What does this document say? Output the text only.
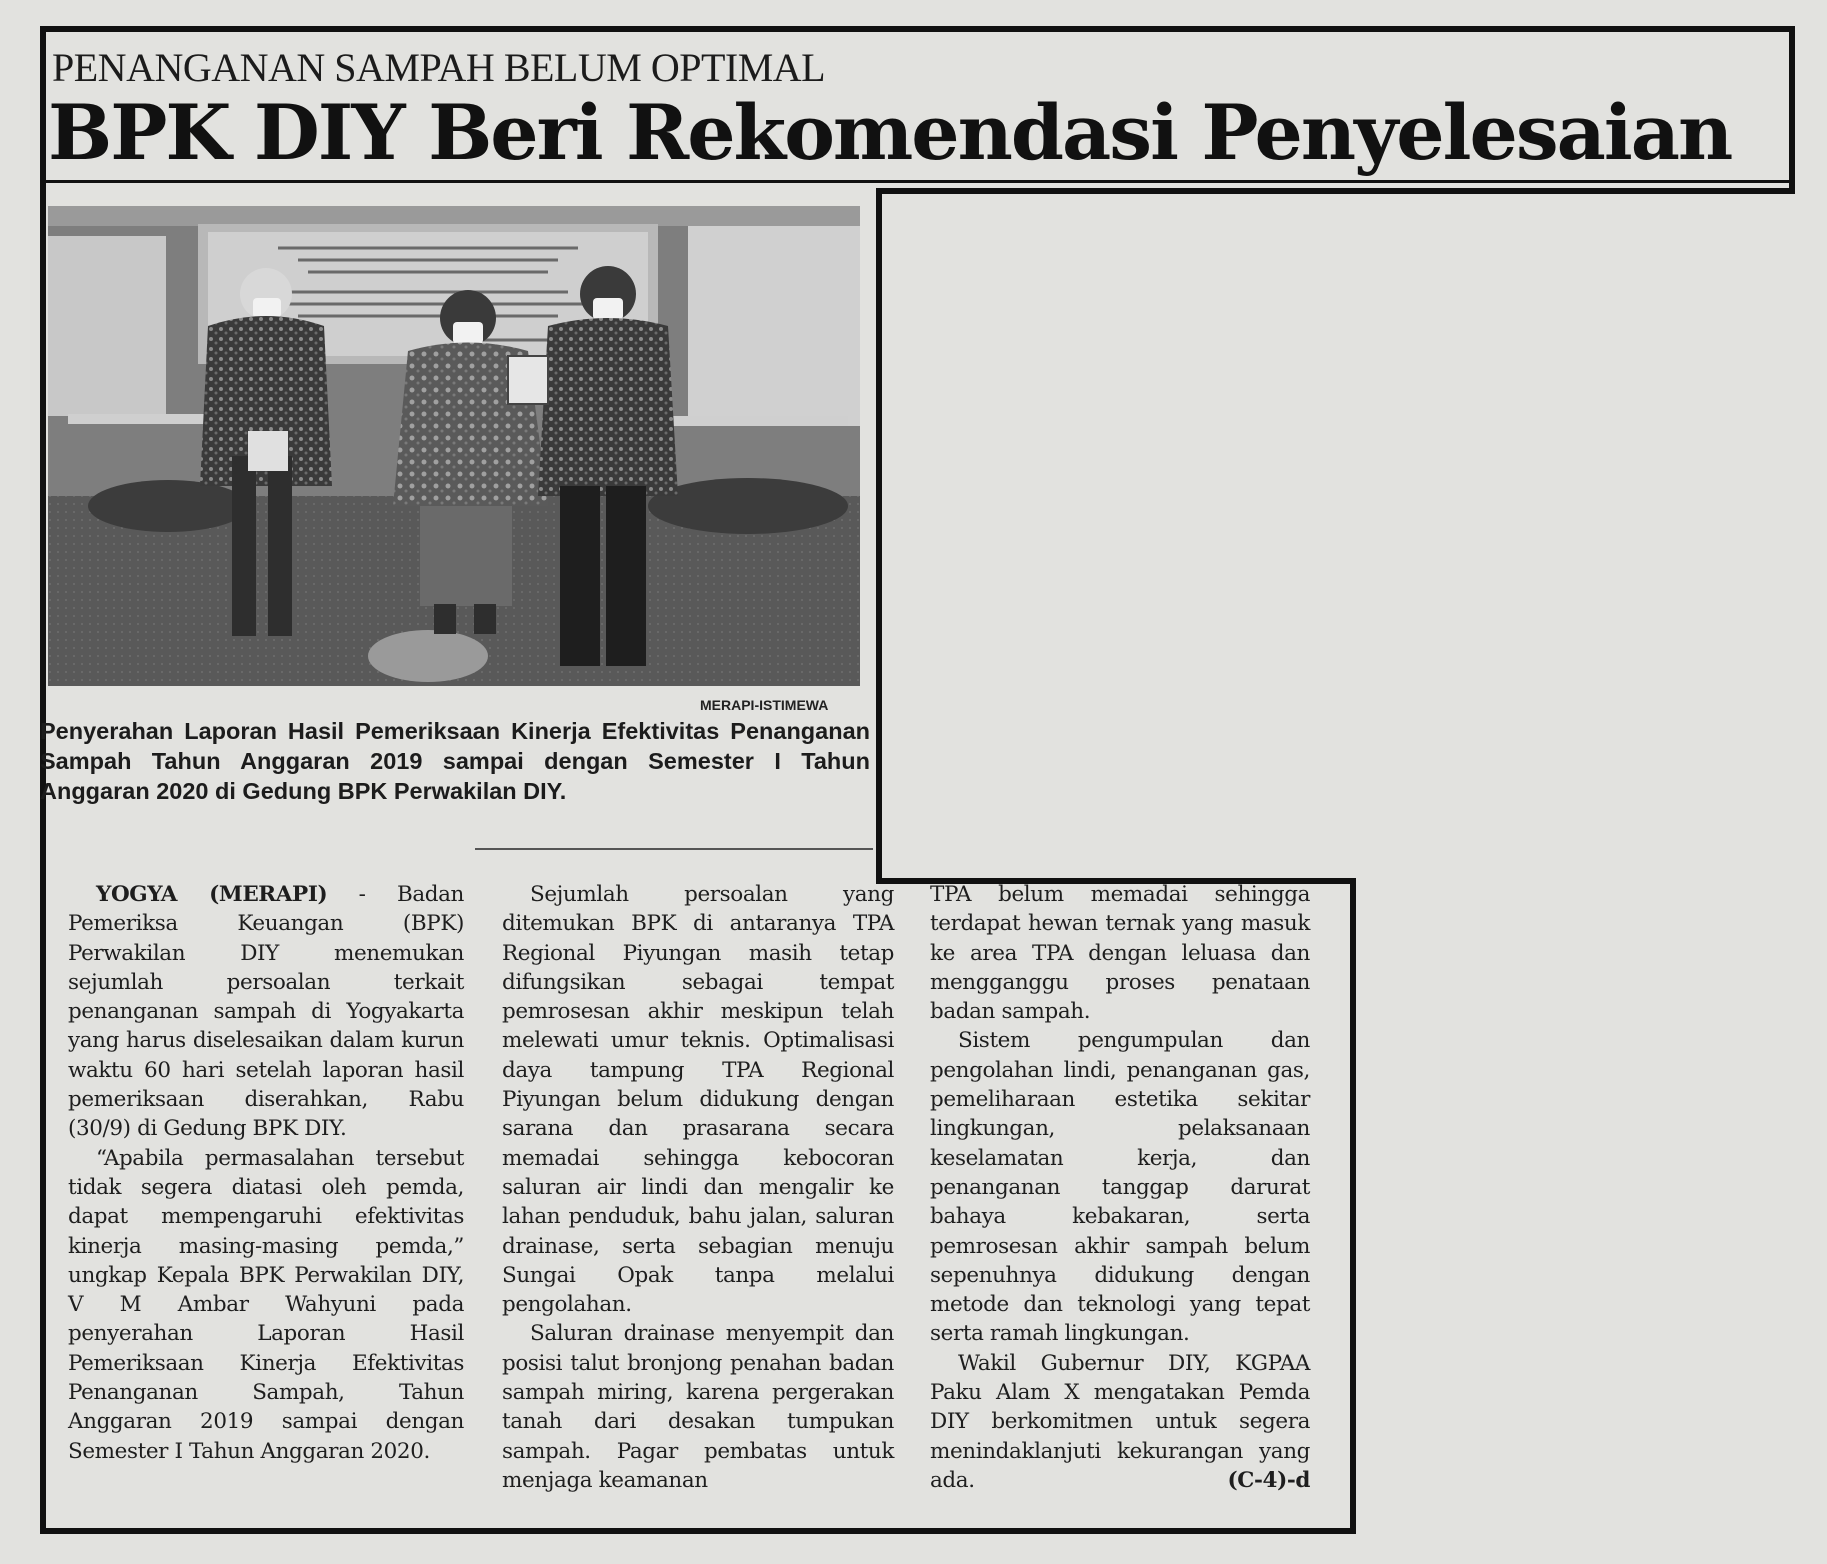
PENANGANAN SAMPAH BELUM OPTIMAL
BPK DIY Beri Rekomendasi Penyelesaian
MERAPI-ISTIMEWA
Penyerahan Laporan Hasil Pemeriksaan Kinerja Efektivitas Penanganan Sampah Tahun Anggaran 2019 sampai dengan Semester I Tahun Anggaran 2020 di Gedung BPK Perwakilan DIY.

YOGYA (MERAPI) - Badan Pemeriksa Keuangan (BPK) Perwakilan DIY menemukan sejumlah persoalan terkait penanganan sampah di Yogyakarta yang harus diselesaikan dalam kurun waktu 60 hari setelah laporan hasil pemeriksaan diserahkan, Rabu (30/9) di Gedung BPK DIY.

“Apabila permasalahan tersebut tidak segera diatasi oleh pemda, dapat mempengaruhi efektivitas kinerja masing-masing pemda,” ungkap Kepala BPK Perwakilan DIY, V M Ambar Wahyuni pada penyerahan Laporan Hasil Pemeriksaan Kinerja Efektivitas Penanganan Sampah, Tahun Anggaran 2019 sampai dengan Semester I Tahun Anggaran 2020.

Sejumlah persoalan yang ditemukan BPK di antaranya TPA Regional Piyungan masih tetap difungsikan sebagai tempat pemrosesan akhir meskipun telah melewati umur teknis. Optimalisasi daya tampung TPA Regional Piyungan belum didukung dengan sarana dan prasarana secara memadai sehingga kebocoran saluran air lindi dan mengalir ke lahan penduduk, bahu jalan, saluran drainase, serta sebagian menuju Sungai Opak tanpa melalui pengolahan.

Saluran drainase menyempit dan posisi talut bronjong penahan badan sampah miring, karena pergerakan tanah dari desakan tumpukan sampah. Pagar pembatas untuk menjaga keamanan

TPA belum memadai sehingga terdapat hewan ternak yang masuk ke area TPA dengan leluasa dan mengganggu proses penataan badan sampah.

Sistem pengumpulan dan pengolahan lindi, penanganan gas, pemeliharaan estetika sekitar lingkungan, pelaksanaan keselamatan kerja, dan penanganan tanggap darurat bahaya kebakaran, serta pemrosesan akhir sampah belum sepenuhnya didukung dengan metode dan teknologi yang tepat serta ramah lingkungan.

Wakil Gubernur DIY, KGPAA Paku Alam X mengatakan Pemda DIY berkomitmen untuk segera menindaklanjuti kekurangan yang ada.	(C-4)-d
